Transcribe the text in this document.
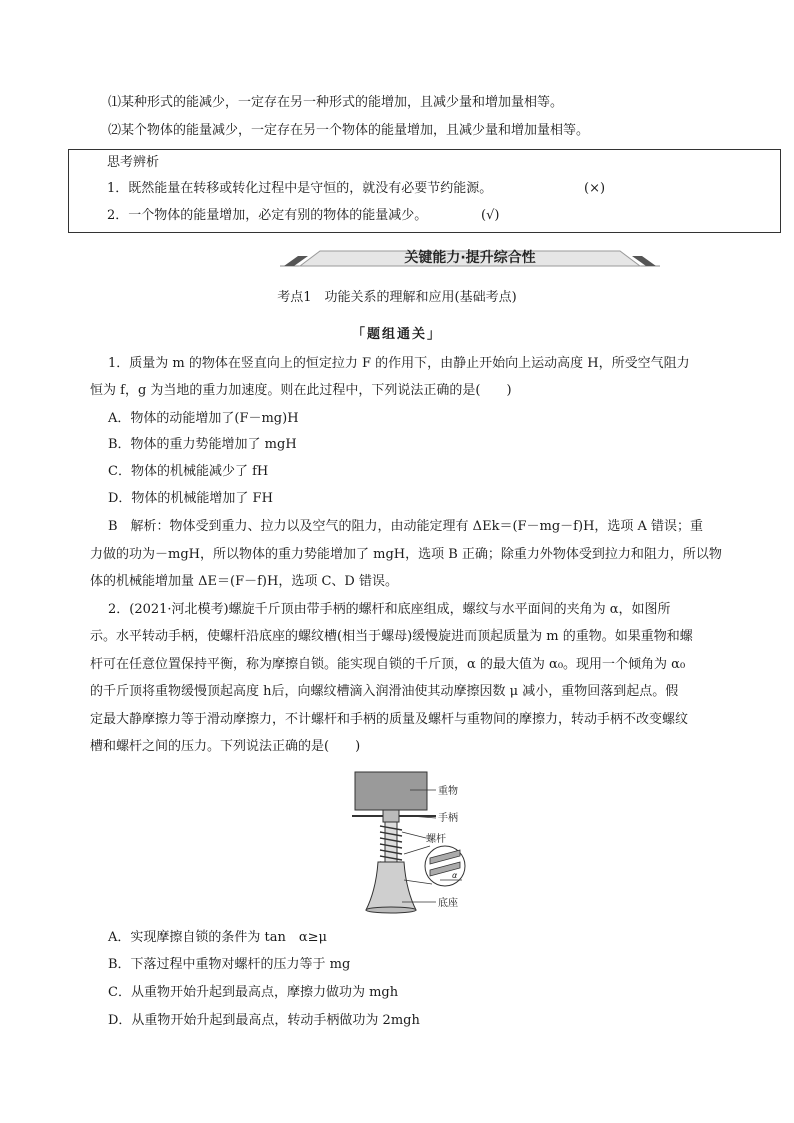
⑴某种形式的能减少，一定存在另一种形式的能增加，且减少量和增加量相等。
⑵某个物体的能量减少，一定存在另一个物体的能量增加，且减少量和增加量相等。
思考辨析
1．既然能量在转移或转化过程中是守恒的，就没有必要节约能源。	(×)
2．一个物体的能量增加，必定有别的物体的能量减少。	(√)
关键能力·提升综合性
考点1　功能关系的理解和应用(基础考点)
「题组通关」
1．质量为 m 的物体在竖直向上的恒定拉力 F 的作用下，由静止开始向上运动高度 H，所受空气阻力
恒为 f，g 为当地的重力加速度。则在此过程中，下列说法正确的是(　　)
A．物体的动能增加了(F－mg)H
B．物体的重力势能增加了 mgH
C．物体的机械能减少了 fH
D．物体的机械能增加了 FH
B　解析：物体受到重力、拉力以及空气的阻力，由动能定理有 ΔEk＝(F－mg－f)H，选项 A 错误；重
力做的功为－mgH，所以物体的重力势能增加了 mgH，选项 B 正确；除重力外物体受到拉力和阻力，所以物
体的机械能增加量 ΔE＝(F－f)H，选项 C、D 错误。
2．(2021·河北模考)螺旋千斤顶由带手柄的螺杆和底座组成，螺纹与水平面间的夹角为 α，如图所
示。水平转动手柄，使螺杆沿底座的螺纹槽(相当于螺母)缓慢旋进而顶起质量为 m 的重物。如果重物和螺
杆可在任意位置保持平衡，称为摩擦自锁。能实现自锁的千斤顶，α 的最大值为 α₀。现用一个倾角为 α₀
的千斤顶将重物缓慢顶起高度 h后，向螺纹槽滴入润滑油使其动摩擦因数 μ 减小，重物回落到起点。假
定最大静摩擦力等于滑动摩擦力，不计螺杆和手柄的质量及螺杆与重物间的摩擦力，转动手柄不改变螺纹
槽和螺杆之间的压力。下列说法正确的是(　　)
重物
手柄
螺杆
底座
α
A．实现摩擦自锁的条件为 tan　α≥μ
B．下落过程中重物对螺杆的压力等于 mg
C．从重物开始升起到最高点，摩擦力做功为 mgh
D．从重物开始升起到最高点，转动手柄做功为 2mgh
